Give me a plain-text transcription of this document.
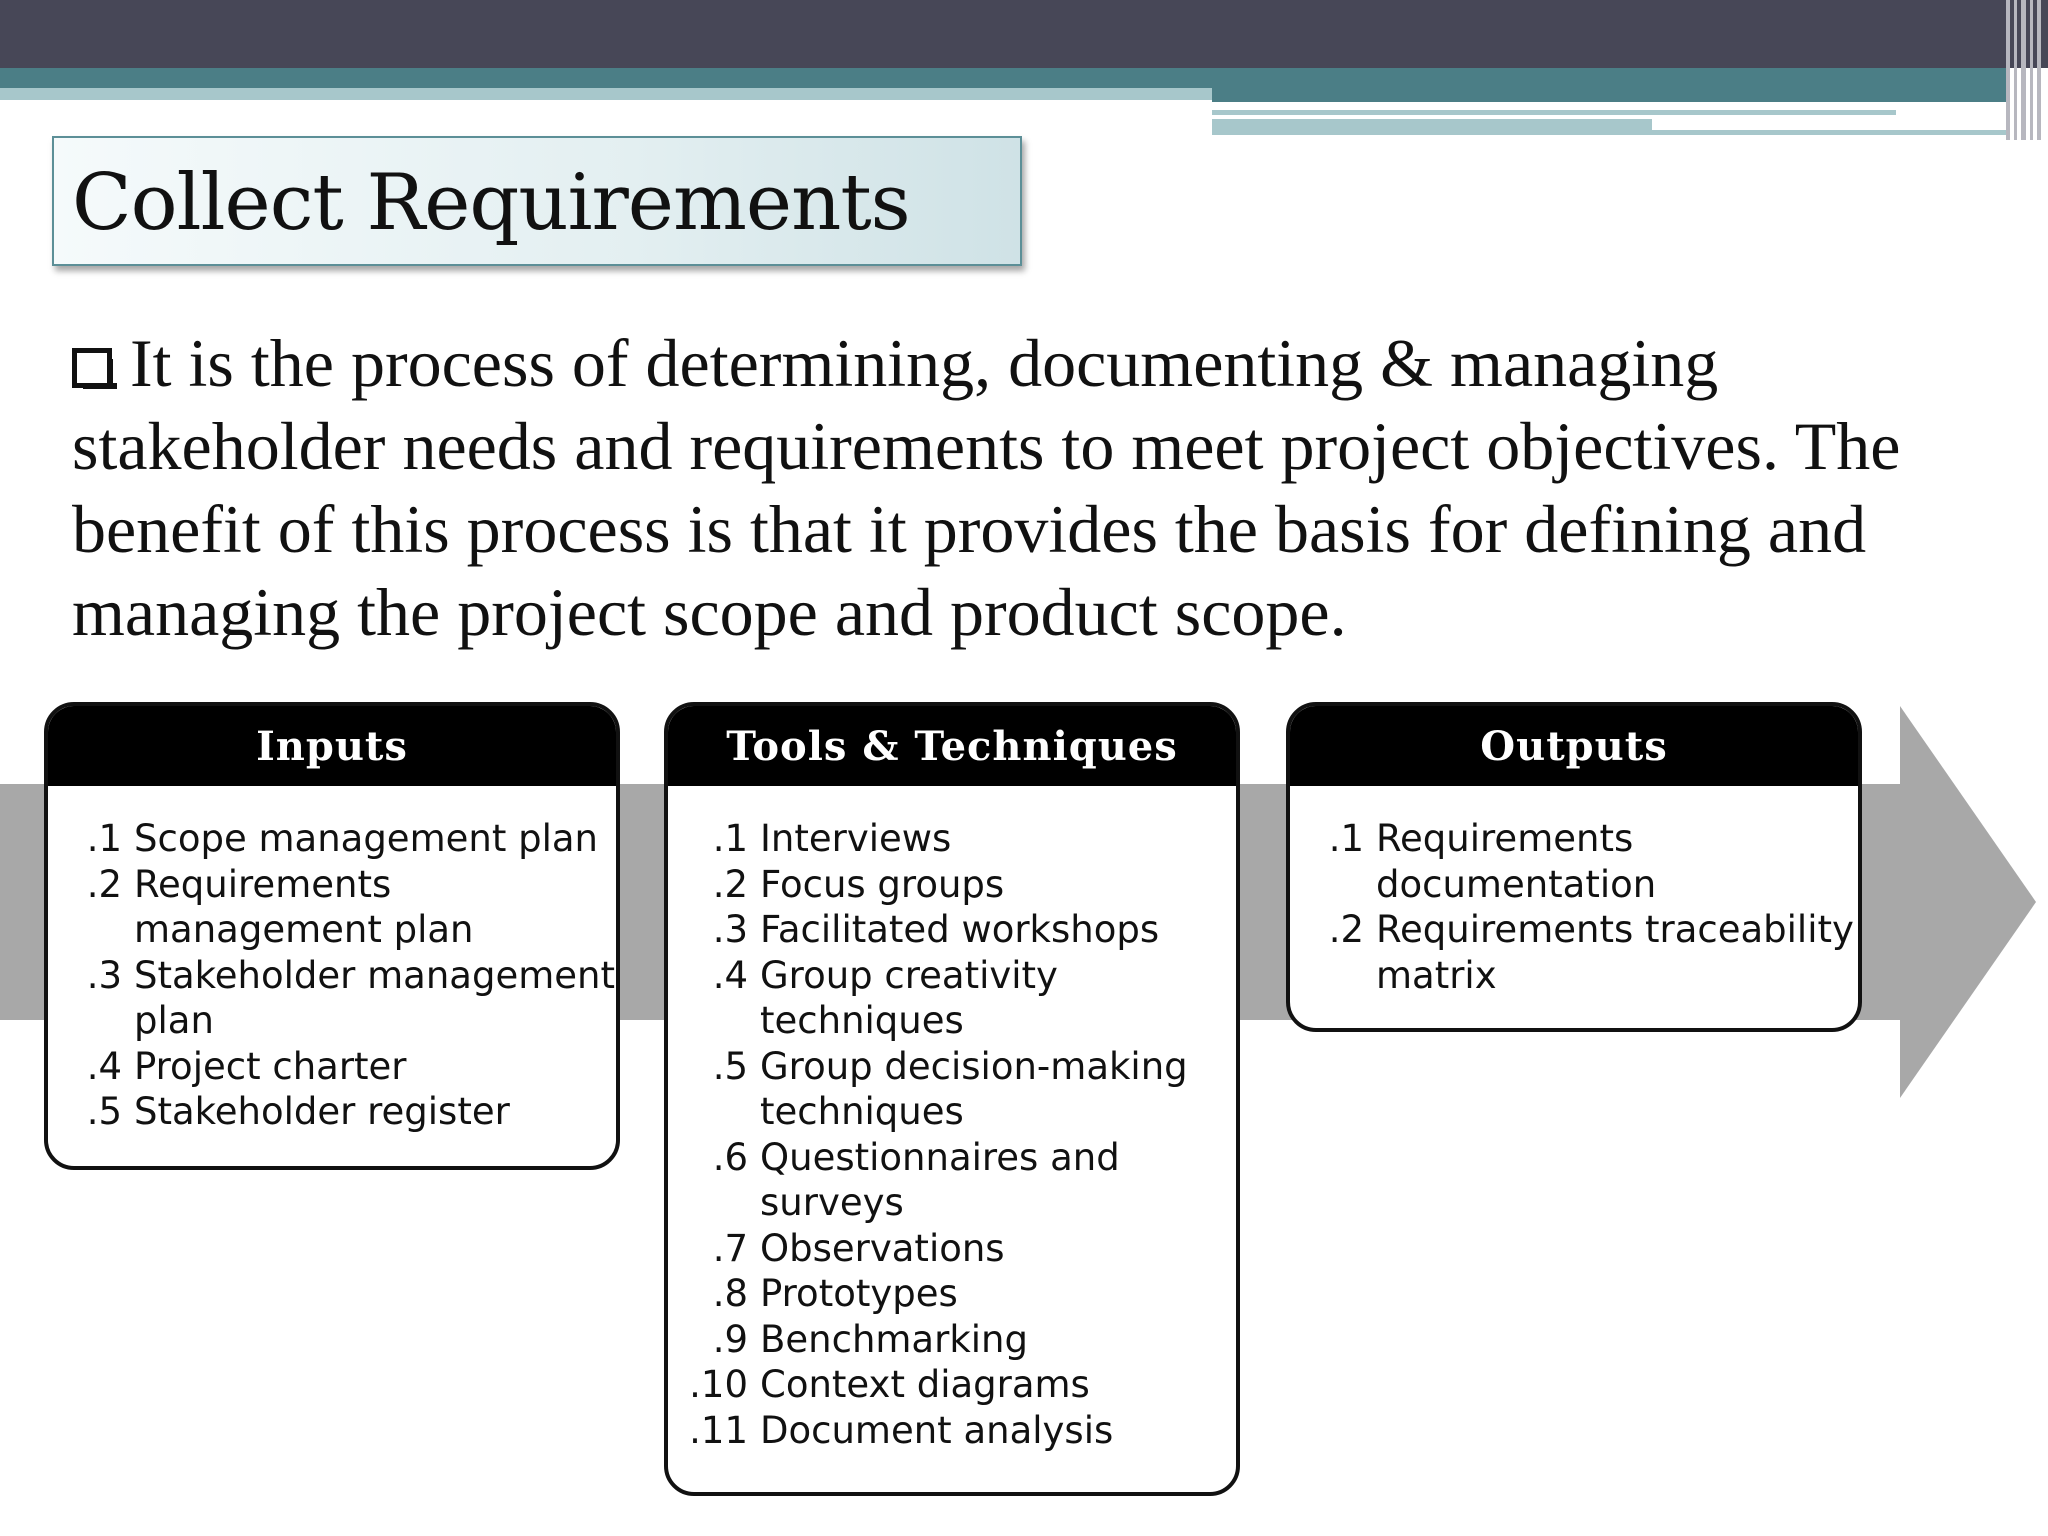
Collect Requirements

It is the process of determining, documenting & managing stakeholder needs and requirements to meet project objectives. The benefit of this process is that it provides the basis for defining and managing the project scope and product scope.

Inputs
.1 Scope management plan
.2 Requirements management plan
.3 Stakeholder management plan
.4 Project charter
.5 Stakeholder register
Tools & Techniques
.1 Interviews
.2 Focus groups
.3 Facilitated workshops
.4 Group creativity techniques
.5 Group decision-making techniques
.6 Questionnaires and surveys
.7 Observations
.8 Prototypes
.9 Benchmarking
.10 Context diagrams
.11 Document analysis
Outputs
.1 Requirements documentation
.2 Requirements traceability matrix
